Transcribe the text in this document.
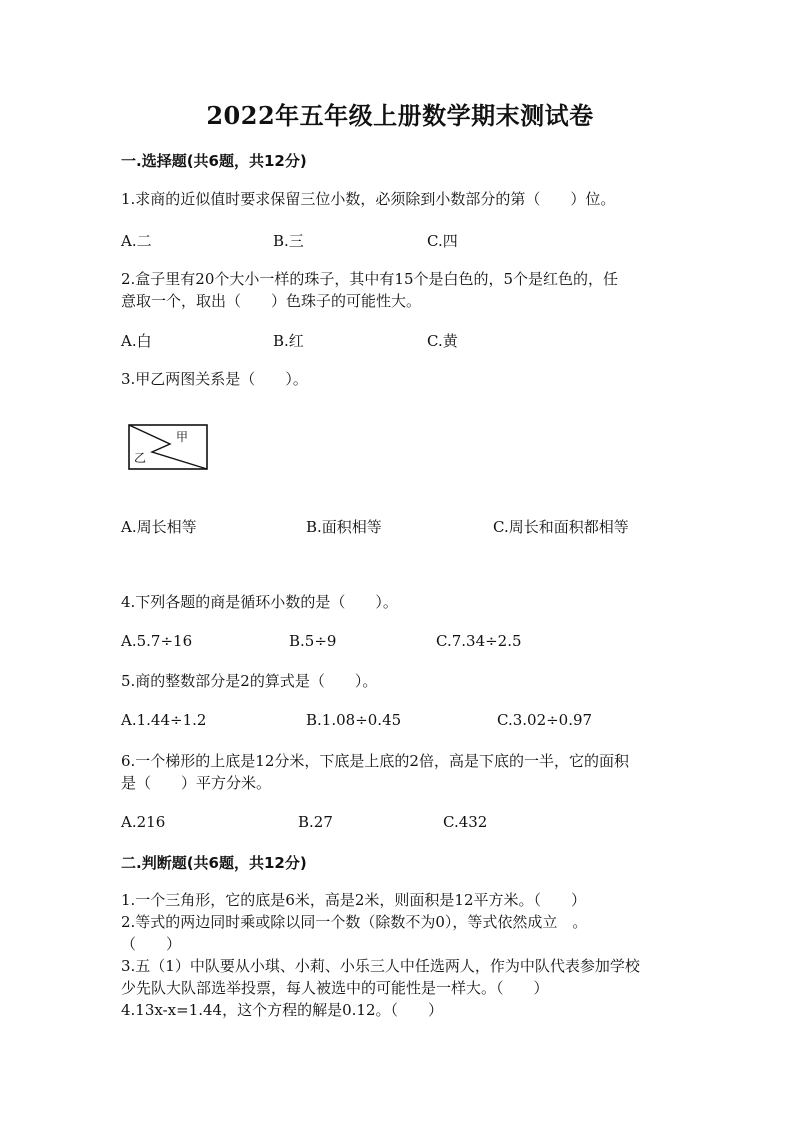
2022年五年级上册数学期末测试卷
一.选择题(共6题，共12分)
1.求商的近似值时要求保留三位小数，必须除到小数部分的第（　　）位。
A.二	B.三	C.四
2.盒子里有20个大小一样的珠子，其中有15个是白色的，5个是红色的，任
意取一个，取出（　　）色珠子的可能性大。
A.白	B.红	C.黄
3.甲乙两图关系是（　　）。
甲
乙
A.周长相等	B.面积相等	C.周长和面积都相等
4.下列各题的商是循环小数的是（　　）。
A.5.7÷16	B.5÷9	C.7.34÷2.5
5.商的整数部分是2的算式是（　　）。
A.1.44÷1.2	B.1.08÷0.45	C.3.02÷0.97
6.一个梯形的上底是12分米，下底是上底的2倍，高是下底的一半，它的面积
是（　　）平方分米。
A.216	B.27	C.432
二.判断题(共6题，共12分)
1.一个三角形，它的底是6米，高是2米，则面积是12平方米。（　　）
2.等式的两边同时乘或除以同一个数（除数不为0），等式依然成立　。
（　　）
3.五（1）中队要从小琪、小莉、小乐三人中任选两人，作为中队代表参加学校
少先队大队部选举投票，每人被选中的可能性是一样大。（　　）
4.13x-x=1.44，这个方程的解是0.12。（　　）
